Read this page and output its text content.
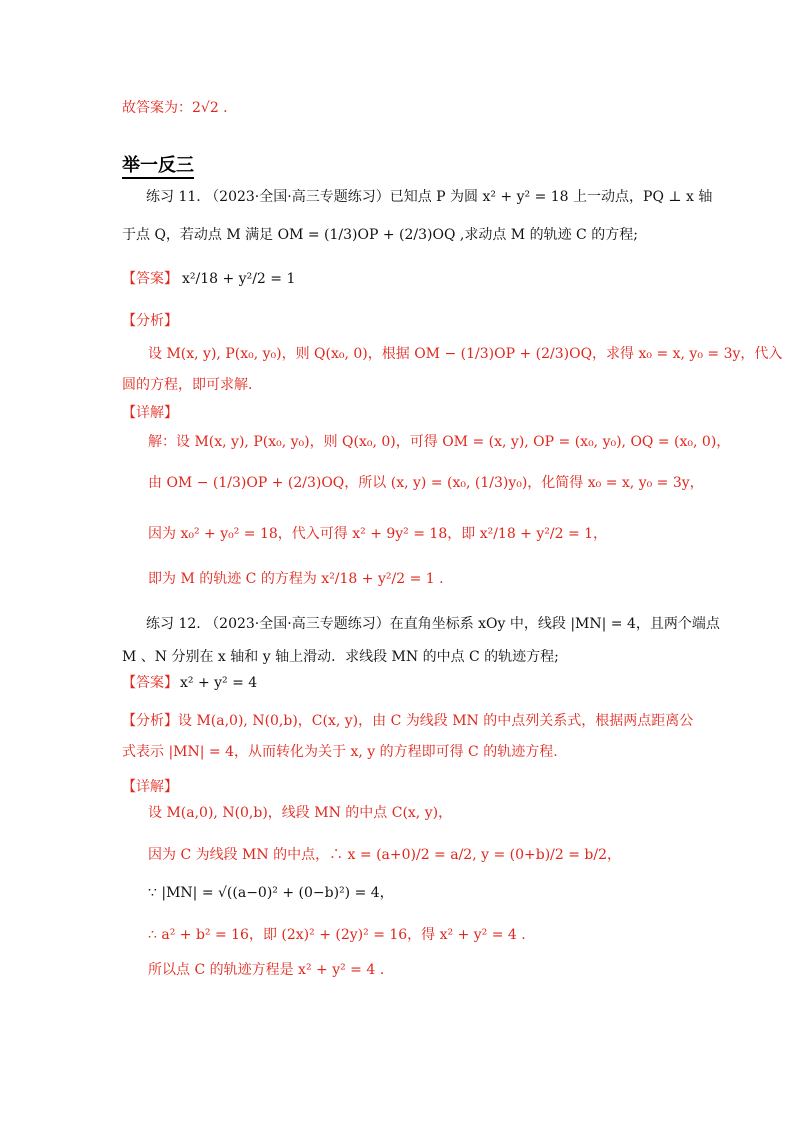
故答案为：2√2 .
举一反三
练习 11. （2023·全国·高三专题练习）已知点 P 为圆 x² + y² = 18 上一动点，PQ ⊥ x 轴
于点 Q，若动点 M 满足 OM = (1/3)OP + (2/3)OQ ,求动点 M 的轨迹 C 的方程;
【答案】 x²/18 + y²/2 = 1
【分析】
设 M(x, y), P(x₀, y₀)，则 Q(x₀, 0)，根据 OM − (1/3)OP + (2/3)OQ，求得 x₀ = x, y₀ = 3y，代入
圆的方程，即可求解.
【详解】
解：设 M(x, y), P(x₀, y₀)，则 Q(x₀, 0)，可得 OM = (x, y), OP = (x₀, y₀), OQ = (x₀, 0)，
由 OM − (1/3)OP + (2/3)OQ，所以 (x, y) = (x₀, (1/3)y₀)，化简得 x₀ = x, y₀ = 3y，
因为 x₀² + y₀² = 18，代入可得 x² + 9y² = 18，即 x²/18 + y²/2 = 1，
即为 M 的轨迹 C 的方程为 x²/18 + y²/2 = 1 .
练习 12. （2023·全国·高三专题练习）在直角坐标系 xOy 中，线段 |MN| = 4，且两个端点
M 、N 分别在 x 轴和 y 轴上滑动．求线段 MN 的中点 C 的轨迹方程;
【答案】 x² + y² = 4
【分析】 设 M(a,0), N(0,b)，C(x, y)，由 C 为线段 MN 的中点列关系式，根据两点距离公
式表示 |MN| = 4，从而转化为关于 x, y 的方程即可得 C 的轨迹方程.
【详解】
设 M(a,0), N(0,b)，线段 MN 的中点 C(x, y)，
因为 C 为线段 MN 的中点，∴ x = (a+0)/2 = a/2, y = (0+b)/2 = b/2，
∵ |MN| = √((a−0)² + (0−b)²) = 4，
∴ a² + b² = 16，即 (2x)² + (2y)² = 16，得 x² + y² = 4 .
所以点 C 的轨迹方程是 x² + y² = 4 .
